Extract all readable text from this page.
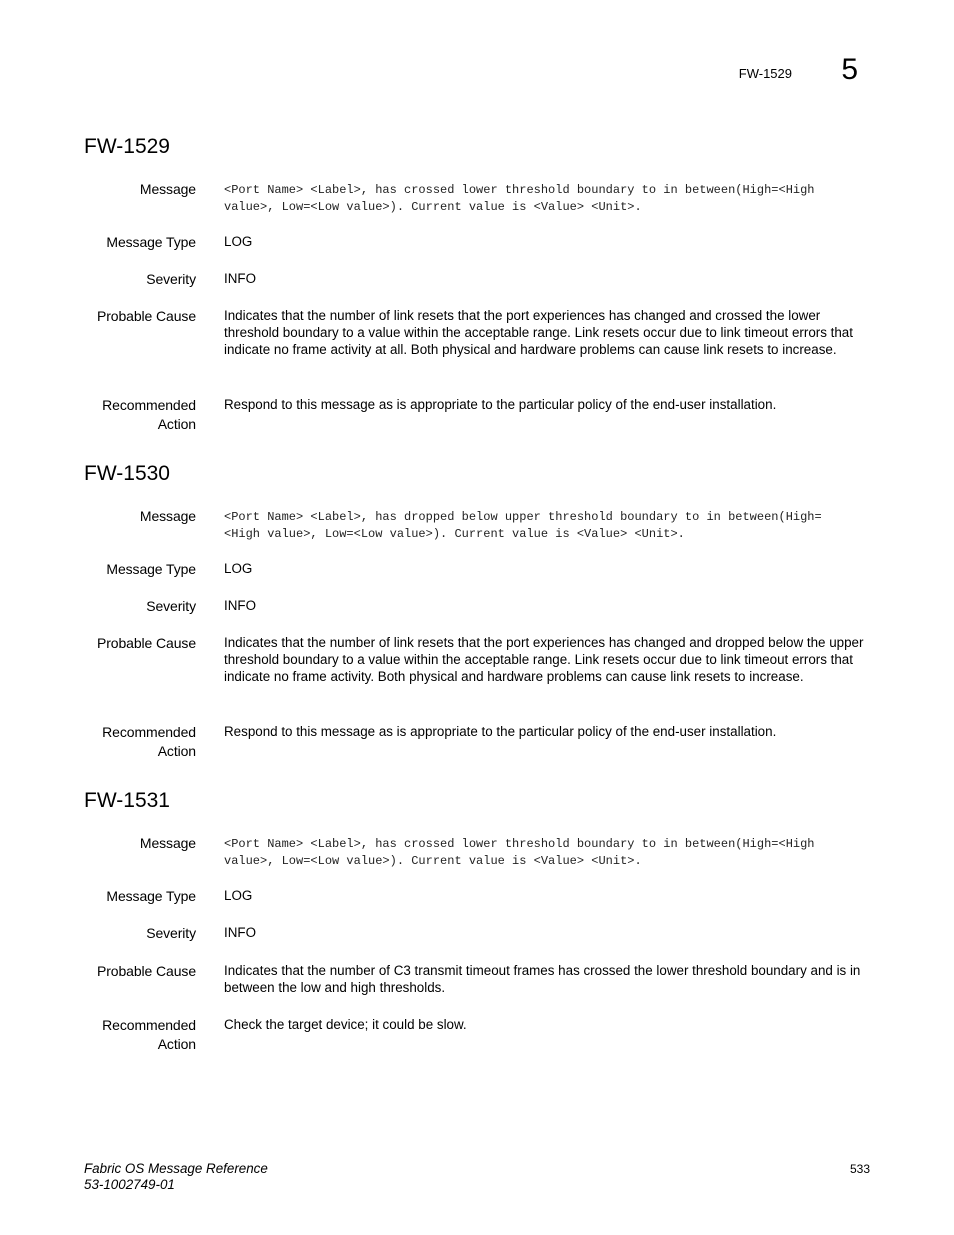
FW-1529 5
FW-1529
Message <Port Name> <Label>, has crossed lower threshold boundary to in between(High=<High value>, Low=<Low value>). Current value is <Value> <Unit>.
Message Type LOG
Severity INFO
Probable Cause Indicates that the number of link resets that the port experiences has changed and crossed the lower threshold boundary to a value within the acceptable range. Link resets occur due to link timeout errors that indicate no frame activity at all. Both physical and hardware problems can cause link resets to increase.
Recommended
Action
Respond to this message as is appropriate to the particular policy of the end-user installation.
FW-1530
Message <Port Name> <Label>, has dropped below upper threshold boundary to in between(High=<High value>, Low=<Low value>). Current value is <Value> <Unit>.
Message Type LOG
Severity INFO
Probable Cause Indicates that the number of link resets that the port experiences has changed and dropped below the upper threshold boundary to a value within the acceptable range. Link resets occur due to link timeout errors that indicate no frame activity. Both physical and hardware problems can cause link resets to increase.
Recommended
Action
Respond to this message as is appropriate to the particular policy of the end-user installation.
FW-1531
Message <Port Name> <Label>, has crossed lower threshold boundary to in between(High=<High value>, Low=<Low value>). Current value is <Value> <Unit>.
Message Type LOG
Severity INFO
Probable Cause Indicates that the number of C3 transmit timeout frames has crossed the lower threshold boundary and is in between the low and high thresholds.
Recommended
Action
Check the target device; it could be slow.
Fabric OS Message Reference
53-1002749-01
533
